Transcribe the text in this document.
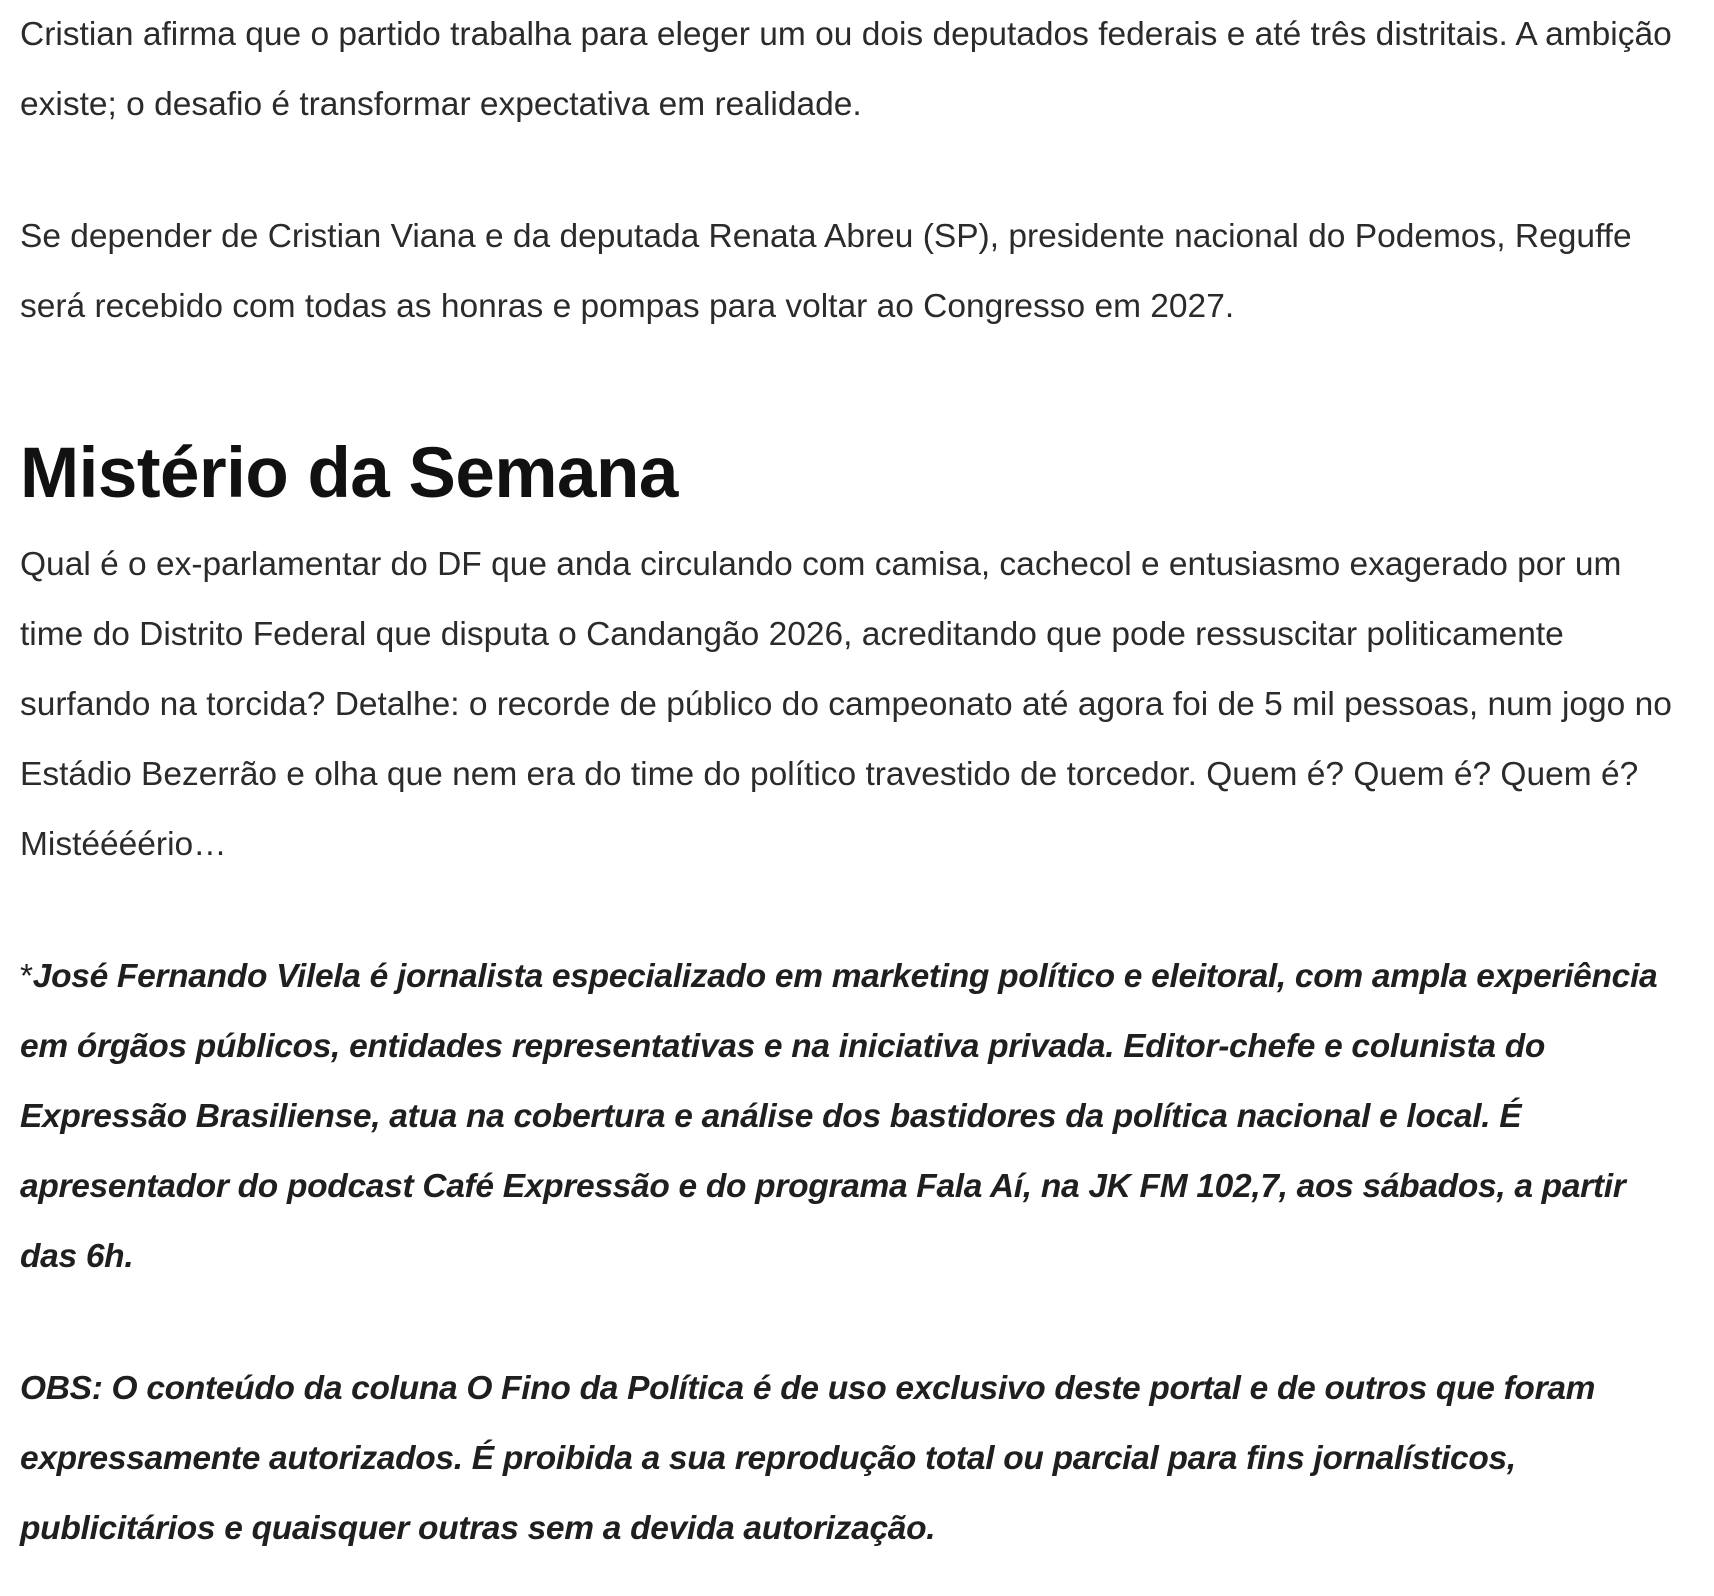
Cristian afirma que o partido trabalha para eleger um ou dois deputados federais e até três distritais. A ambição existe; o desafio é transformar expectativa em realidade.

Se depender de Cristian Viana e da deputada Renata Abreu (SP), presidente nacional do Podemos, Reguffe será recebido com todas as honras e pompas para voltar ao Congresso em 2027.

Mistério da Semana

Qual é o ex-parlamentar do DF que anda circulando com camisa, cachecol e entusiasmo exagerado por um time do Distrito Federal que disputa o Candangão 2026, acreditando que pode ressuscitar politicamente surfando na torcida? Detalhe: o recorde de público do campeonato até agora foi de 5 mil pessoas, num jogo no Estádio Bezerrão e olha que nem era do time do político travestido de torcedor. Quem é? Quem é? Quem é? Mistéééério…

*José Fernando Vilela é jornalista especializado em marketing político e eleitoral, com ampla experiência em órgãos públicos, entidades representativas e na iniciativa privada. Editor-chefe e colunista do Expressão Brasiliense, atua na cobertura e análise dos bastidores da política nacional e local. É apresentador do podcast Café Expressão e do programa Fala Aí, na JK FM 102,7, aos sábados, a partir das 6h.

OBS: O conteúdo da coluna O Fino da Política é de uso exclusivo deste portal e de outros que foram expressamente autorizados. É proibida a sua reprodução total ou parcial para fins jornalísticos, publicitários e quaisquer outras sem a devida autorização.
